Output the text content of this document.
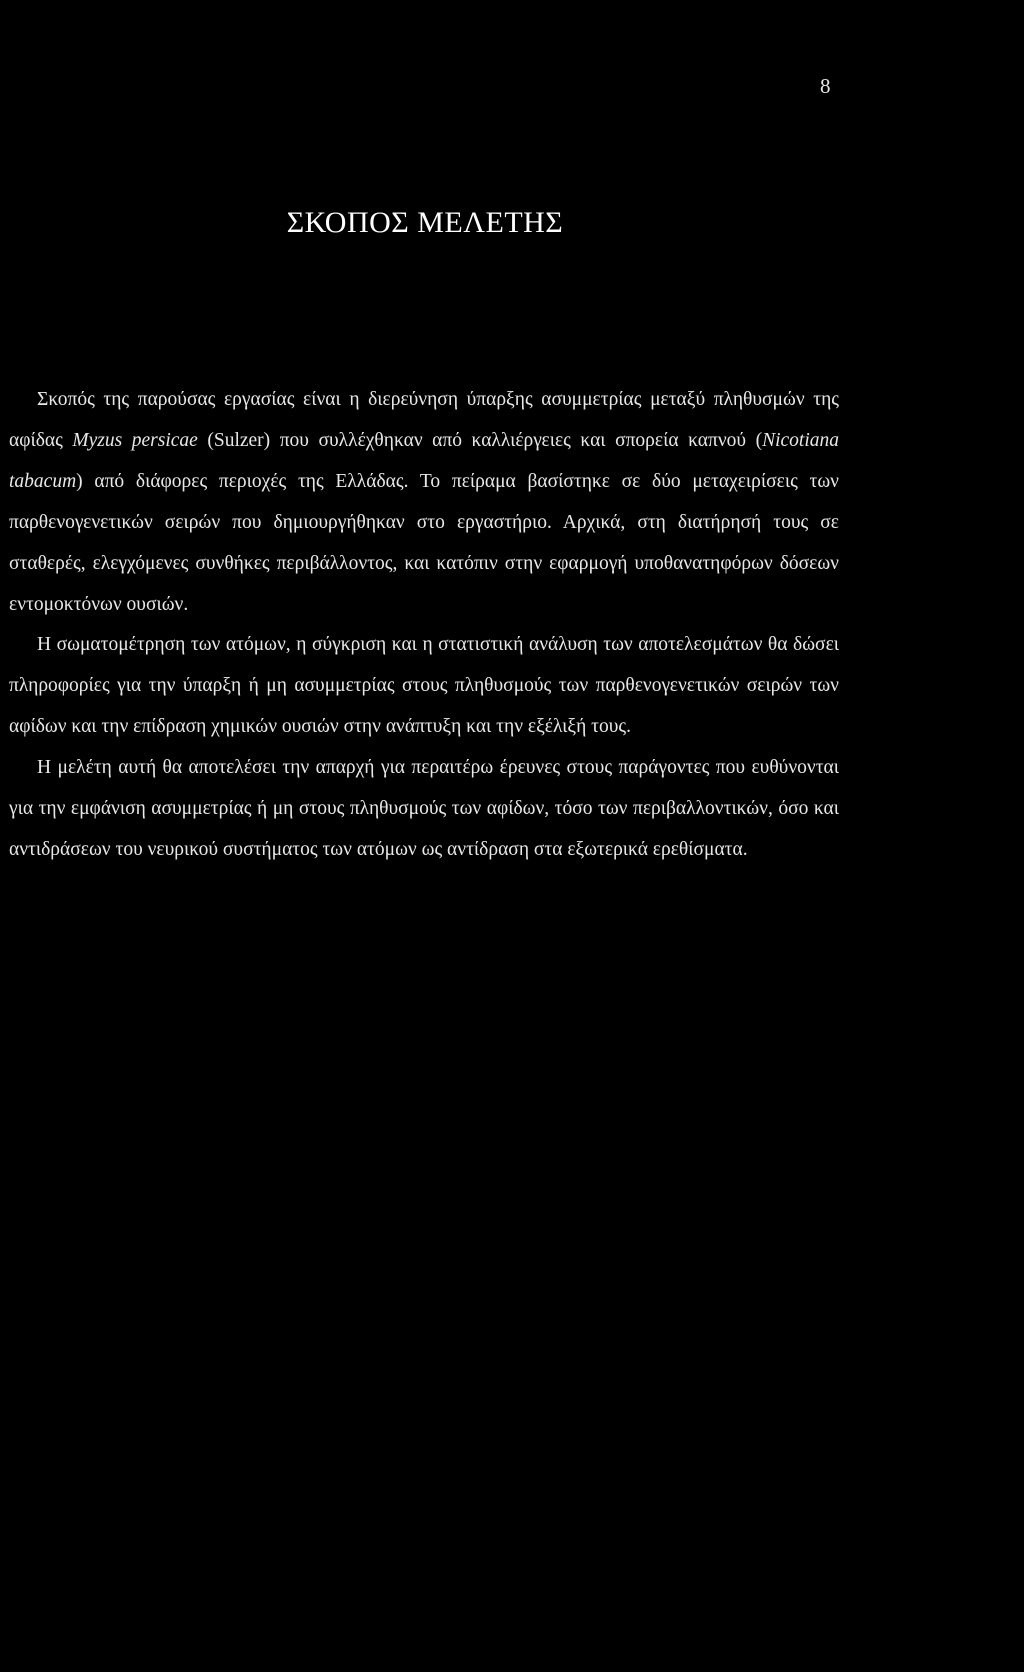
8
ΣΚΟΠΟΣ ΜΕΛΕΤΗΣ

Σκοπός της παρούσας εργασίας είναι η διερεύνηση ύπαρξης ασυμμετρίας μεταξύ πληθυσμών της αφίδας Myzus persicae (Sulzer) που συλλέχθηκαν από καλλιέργειες και σπορεία καπνού (Nicotiana tabacum) από διάφορες περιοχές της Ελλάδας. Το πείραμα βασίστηκε σε δύο μεταχειρίσεις των παρθενογενετικών σειρών που δημιουργήθηκαν στο εργαστήριο. Αρχικά, στη διατήρησή τους σε σταθερές, ελεγχόμενες συνθήκες περιβάλλοντος, και κατόπιν στην εφαρμογή υποθανατηφόρων δόσεων εντομοκτόνων ουσιών.

Η σωματομέτρηση των ατόμων, η σύγκριση και η στατιστική ανάλυση των αποτελεσμάτων θα δώσει πληροφορίες για την ύπαρξη ή μη ασυμμετρίας στους πληθυσμούς των παρθενογενετικών σειρών των αφίδων και την επίδραση χημικών ουσιών στην ανάπτυξη και την εξέλιξή τους.

Η μελέτη αυτή θα αποτελέσει την απαρχή για περαιτέρω έρευνες στους παράγοντες που ευθύνονται για την εμφάνιση ασυμμετρίας ή μη στους πληθυσμούς των αφίδων, τόσο των περιβαλλοντικών, όσο και αντιδράσεων του νευρικού συστήματος των ατόμων ως αντίδραση στα εξωτερικά ερεθίσματα.
